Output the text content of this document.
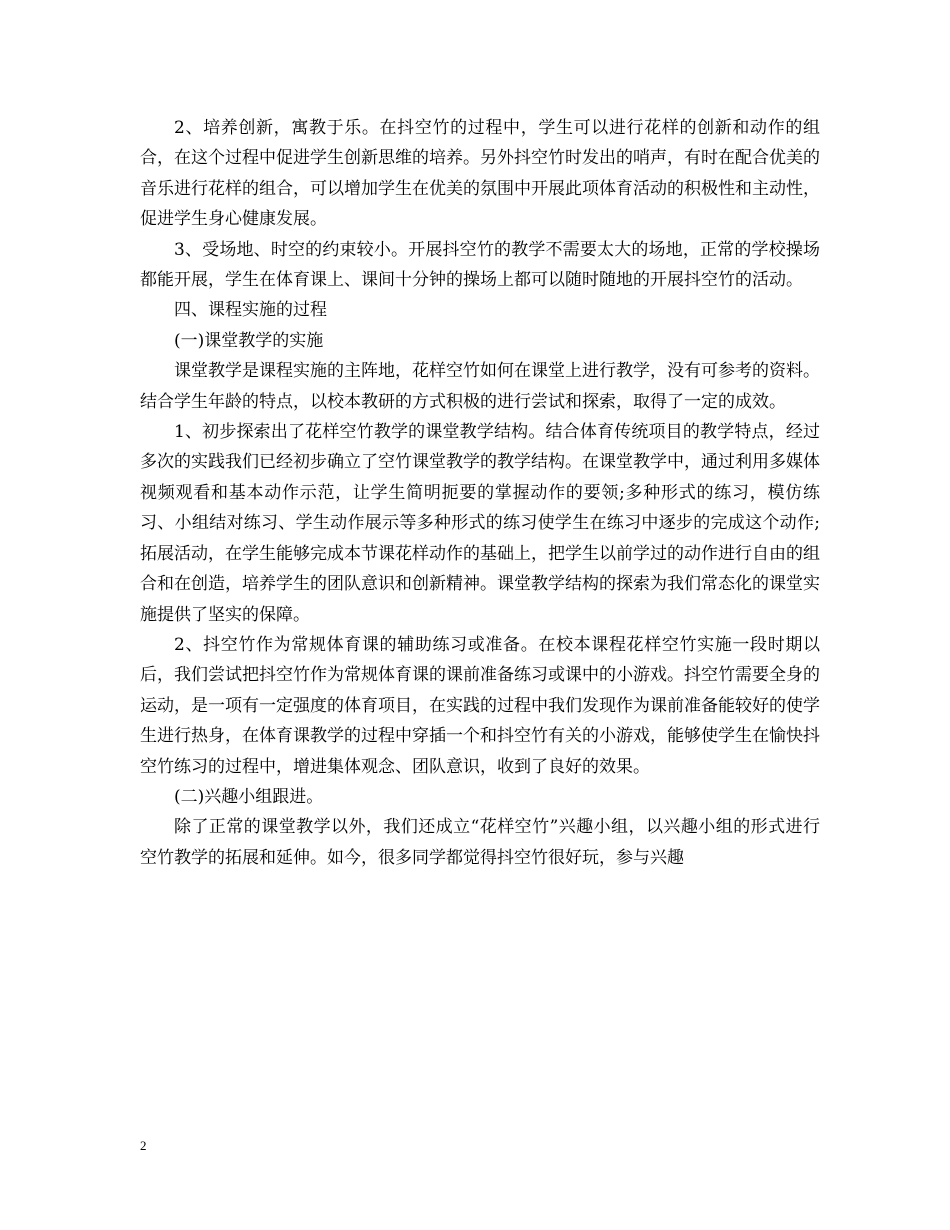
2、培养创新，寓教于乐。在抖空竹的过程中，学生可以进行花样的创新和动作的组合，在这个过程中促进学生创新思维的培养。另外抖空竹时发出的哨声，有时在配合优美的音乐进行花样的组合，可以增加学生在优美的氛围中开展此项体育活动的积极性和主动性，促进学生身心健康发展。

3、受场地、时空的约束较小。开展抖空竹的教学不需要太大的场地，正常的学校操场都能开展，学生在体育课上、课间十分钟的操场上都可以随时随地的开展抖空竹的活动。

四、课程实施的过程

(一)课堂教学的实施

课堂教学是课程实施的主阵地，花样空竹如何在课堂上进行教学，没有可参考的资料。结合学生年龄的特点，以校本教研的方式积极的进行尝试和探索，取得了一定的成效。

1、初步探索出了花样空竹教学的课堂教学结构。结合体育传统项目的教学特点，经过多次的实践我们已经初步确立了空竹课堂教学的教学结构。在课堂教学中，通过利用多媒体视频观看和基本动作示范，让学生简明扼要的掌握动作的要领;多种形式的练习，模仿练习、小组结对练习、学生动作展示等多种形式的练习使学生在练习中逐步的完成这个动作;拓展活动，在学生能够完成本节课花样动作的基础上，把学生以前学过的动作进行自由的组合和在创造，培养学生的团队意识和创新精神。课堂教学结构的探索为我们常态化的课堂实施提供了坚实的保障。

2、抖空竹作为常规体育课的辅助练习或准备。在校本课程花样空竹实施一段时期以后，我们尝试把抖空竹作为常规体育课的课前准备练习或课中的小游戏。抖空竹需要全身的运动，是一项有一定强度的体育项目，在实践的过程中我们发现作为课前准备能较好的使学生进行热身，在体育课教学的过程中穿插一个和抖空竹有关的小游戏，能够使学生在愉快抖空竹练习的过程中，增进集体观念、团队意识，收到了良好的效果。

(二)兴趣小组跟进。

除了正常的课堂教学以外，我们还成立“花样空竹”兴趣小组，以兴趣小组的形式进行空竹教学的拓展和延伸。如今，很多同学都觉得抖空竹很好玩，参与兴趣

2
